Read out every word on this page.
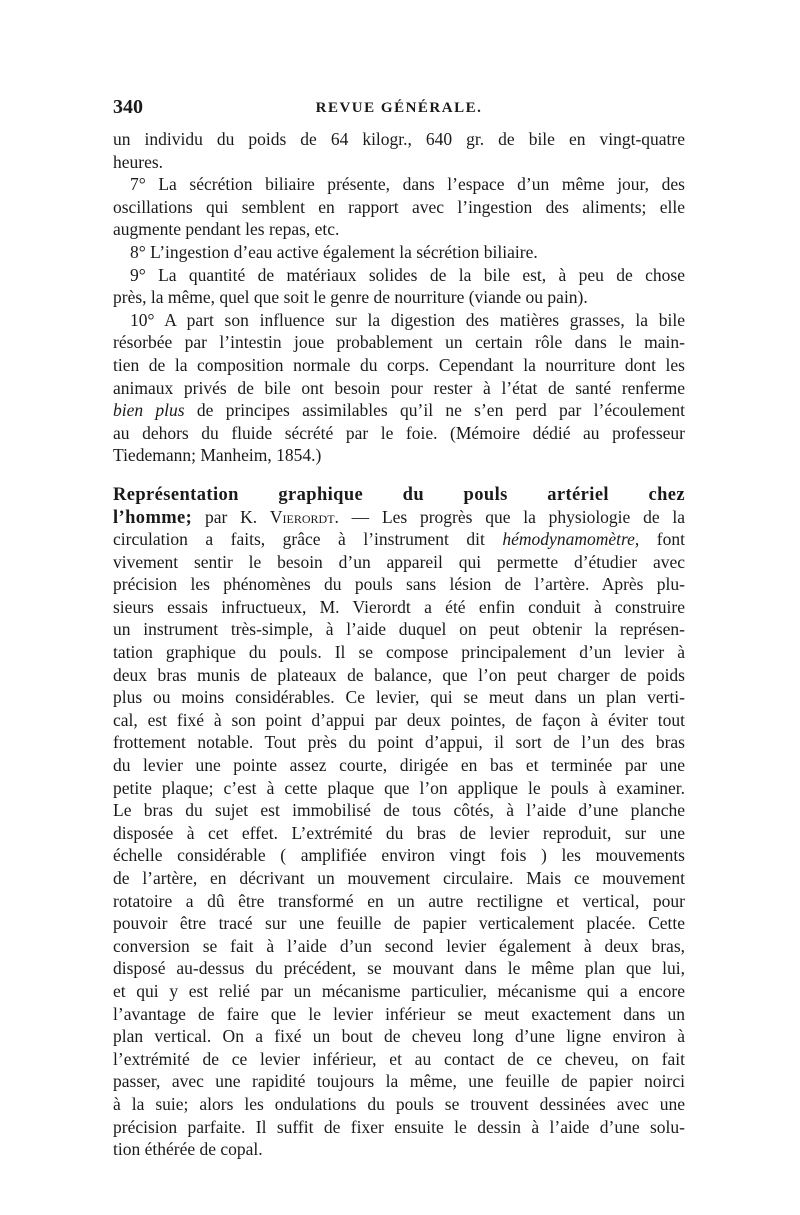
340	REVUE GÉNÉRALE.
un individu du poids de 64 kilogr., 640 gr. de bile en vingt-quatre
heures.
7° La sécrétion biliaire présente, dans l’espace d’un même jour, des
oscillations qui semblent en rapport avec l’ingestion des aliments; elle
augmente pendant les repas, etc.
8° L’ingestion d’eau active également la sécrétion biliaire.
9° La quantité de matériaux solides de la bile est, à peu de chose
près, la même, quel que soit le genre de nourriture (viande ou pain).
10° A part son influence sur la digestion des matières grasses, la bile
résorbée par l’intestin joue probablement un certain rôle dans le main-
tien de la composition normale du corps. Cependant la nourriture dont les
animaux privés de bile ont besoin pour rester à l’état de santé renferme
bien plus de principes assimilables qu’il ne s’en perd par l’écoulement
au dehors du fluide sécrété par le foie. (Mémoire dédié au professeur
Tiedemann; Manheim, 1854.)
Représentation graphique du pouls artériel chez
l’homme; par K. Vierordt. — Les progrès que la physiologie de la
circulation a faits, grâce à l’instrument dit hémodynamomètre, font
vivement sentir le besoin d’un appareil qui permette d’étudier avec
précision les phénomènes du pouls sans lésion de l’artère. Après plu-
sieurs essais infructueux, M. Vierordt a été enfin conduit à construire
un instrument très-simple, à l’aide duquel on peut obtenir la représen-
tation graphique du pouls. Il se compose principalement d’un levier à
deux bras munis de plateaux de balance, que l’on peut charger de poids
plus ou moins considérables. Ce levier, qui se meut dans un plan verti-
cal, est fixé à son point d’appui par deux pointes, de façon à éviter tout
frottement notable. Tout près du point d’appui, il sort de l’un des bras
du levier une pointe assez courte, dirigée en bas et terminée par une
petite plaque; c’est à cette plaque que l’on applique le pouls à examiner.
Le bras du sujet est immobilisé de tous côtés, à l’aide d’une planche
disposée à cet effet. L’extrémité du bras de levier reproduit, sur une
échelle considérable ( amplifiée environ vingt fois ) les mouvements
de l’artère, en décrivant un mouvement circulaire. Mais ce mouvement
rotatoire a dû être transformé en un autre rectiligne et vertical, pour
pouvoir être tracé sur une feuille de papier verticalement placée. Cette
conversion se fait à l’aide d’un second levier également à deux bras,
disposé au-dessus du précédent, se mouvant dans le même plan que lui,
et qui y est relié par un mécanisme particulier, mécanisme qui a encore
l’avantage de faire que le levier inférieur se meut exactement dans un
plan vertical. On a fixé un bout de cheveu long d’une ligne environ à
l’extrémité de ce levier inférieur, et au contact de ce cheveu, on fait
passer, avec une rapidité toujours la même, une feuille de papier noirci
à la suie; alors les ondulations du pouls se trouvent dessinées avec une
précision parfaite. Il suffit de fixer ensuite le dessin à l’aide d’une solu-
tion éthérée de copal.
